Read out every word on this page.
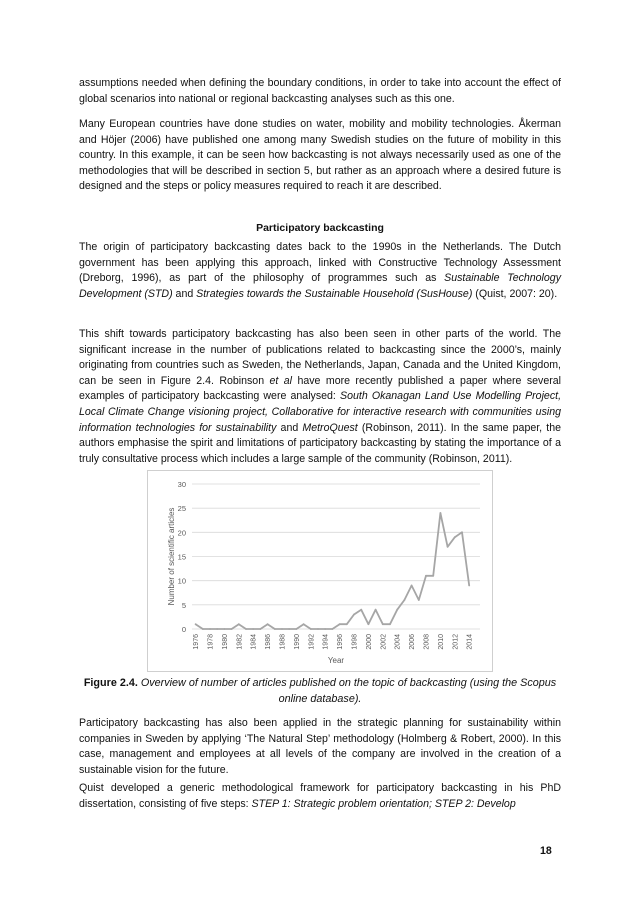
assumptions needed when defining the boundary conditions, in order to take into account the effect of global scenarios into national or regional backcasting analyses such as this one.

Many European countries have done studies on water, mobility and mobility technologies. Åkerman and Höjer (2006) have published one among many Swedish studies on the future of mobility in this country. In this example, it can be seen how backcasting is not always necessarily used as one of the methodologies that will be described in section 5, but rather as an approach where a desired future is designed and the steps or policy measures required to reach it are described.

Participatory backcasting

The origin of participatory backcasting dates back to the 1990s in the Netherlands. The Dutch government has been applying this approach, linked with Constructive Technology Assessment (Dreborg, 1996), as part of the philosophy of programmes such as Sustainable Technology Development (STD) and Strategies towards the Sustainable Household (SusHouse) (Quist, 2007: 20).

This shift towards participatory backcasting has also been seen in other parts of the world. The significant increase in the number of publications related to backcasting since the 2000’s, mainly originating from countries such as Sweden, the Netherlands, Japan, Canada and the United Kingdom, can be seen in Figure 2.4. Robinson et al have more recently published a paper where several examples of participatory backcasting were analysed: South Okanagan Land Use Modelling Project, Local Climate Change visioning project, Collaborative for interactive research with communities using information technologies for sustainability and MetroQuest (Robinson, 2011). In the same paper, the authors emphasise the spirit and limitations of participatory backcasting by stating the importance of a truly consultative process which includes a large sample of the community (Robinson, 2011).

0
5
10
15
20
25
30
1976 1978 1980 1982 1984 1986 1988 1990 1992 1994 1996 1998 2000 2002 2004 2006 2008 2010 2012 2014
Number of scientific articles
Year

Figure 2.4. Overview of number of articles published on the topic of backcasting (using the Scopus online database).

Participatory backcasting has also been applied in the strategic planning for sustainability within companies in Sweden by applying ‘The Natural Step’ methodology (Holmberg & Robert, 2000). In this case, management and employees at all levels of the company are involved in the creation of a sustainable vision for the future.

Quist developed a generic methodological framework for participatory backcasting in his PhD dissertation, consisting of five steps: STEP 1: Strategic problem orientation; STEP 2: Develop

18
